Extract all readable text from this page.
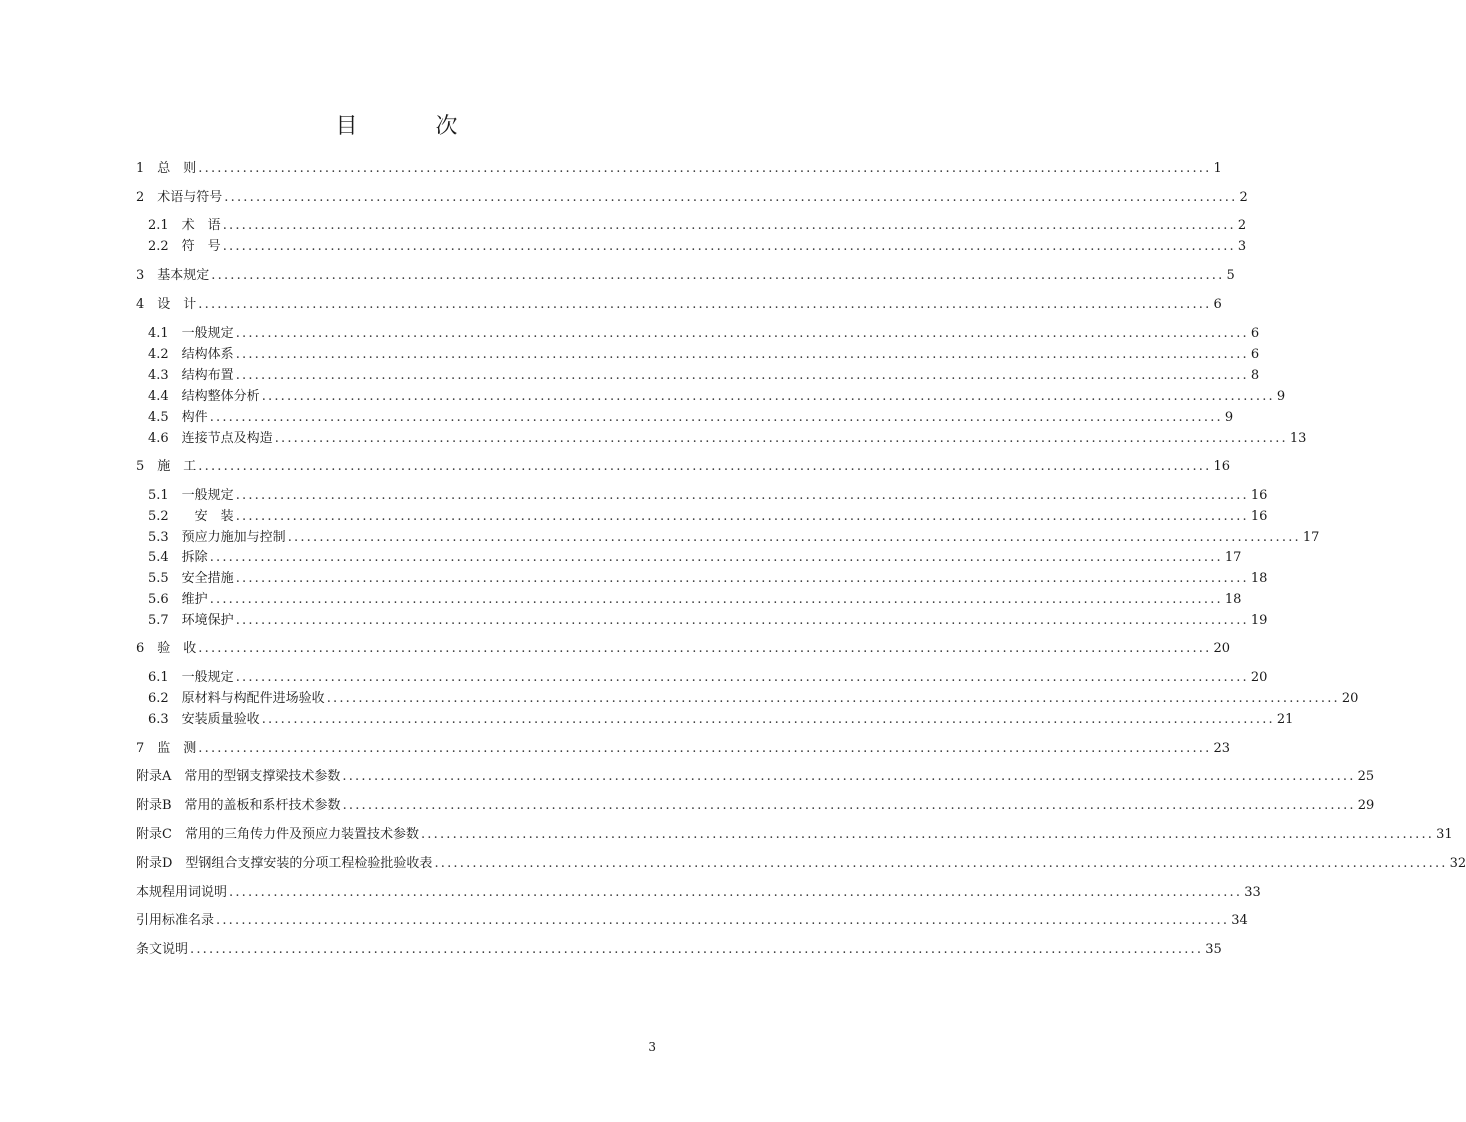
目　次
1　总　则 ................................................................................................................................................................ 1
2　术语与符号 ................................................................................................................................................................ 2
2.1　术　语 ................................................................................................................................................................ 2
2.2　符　号 ................................................................................................................................................................ 3
3　基本规定 ................................................................................................................................................................ 5
4　设　计 ................................................................................................................................................................ 6
4.1　一般规定 ................................................................................................................................................................ 6
4.2　结构体系 ................................................................................................................................................................ 6
4.3　结构布置 ................................................................................................................................................................ 8
4.4　结构整体分析 ................................................................................................................................................................ 9
4.5　构件 ................................................................................................................................................................ 9
4.6　连接节点及构造 ................................................................................................................................................................ 13
5　施　工 ................................................................................................................................................................ 16
5.1　一般规定 ................................................................................................................................................................ 16
5.2　　安　装 ................................................................................................................................................................ 16
5.3　预应力施加与控制 ................................................................................................................................................................ 17
5.4　拆除 ................................................................................................................................................................ 17
5.5　安全措施 ................................................................................................................................................................ 18
5.6　维护 ................................................................................................................................................................ 18
5.7　环境保护 ................................................................................................................................................................ 19
6　验　收 ................................................................................................................................................................ 20
6.1　一般规定 ................................................................................................................................................................ 20
6.2　原材料与构配件进场验收 ................................................................................................................................................................ 20
6.3　安装质量验收 ................................................................................................................................................................ 21
7　监　测 ................................................................................................................................................................ 23
附录A　常用的型钢支撑梁技术参数 ................................................................................................................................................................ 25
附录B　常用的盖板和系杆技术参数 ................................................................................................................................................................ 29
附录C　常用的三角传力件及预应力装置技术参数 ................................................................................................................................................................ 31
附录D　型钢组合支撑安装的分项工程检验批验收表 ................................................................................................................................................................ 32
本规程用词说明 ................................................................................................................................................................ 33
引用标准名录 ................................................................................................................................................................ 34
条文说明 ................................................................................................................................................................ 35
3
